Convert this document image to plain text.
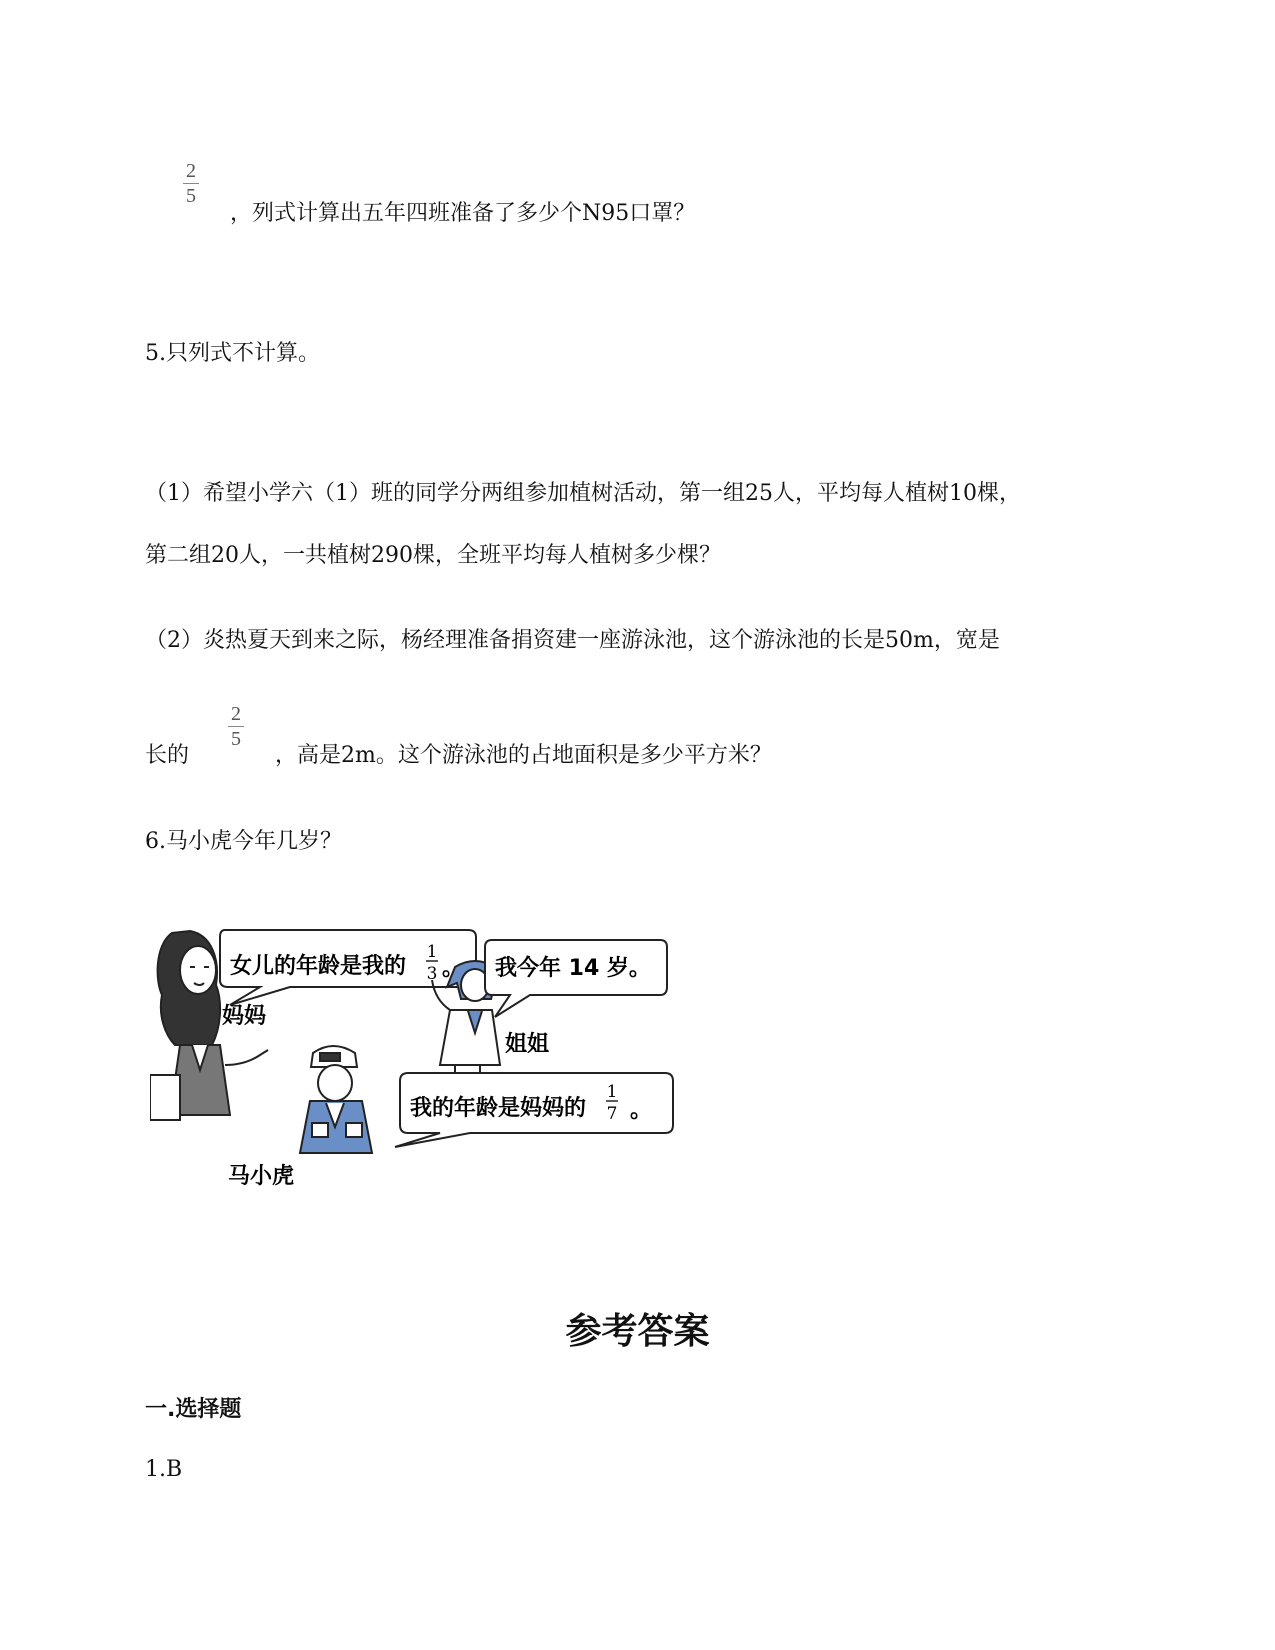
2
5
，列式计算出五年四班准备了多少个N95口罩？
5.只列式不计算。
（1）希望小学六（1）班的同学分两组参加植树活动，第一组25人，平均每人植树10棵，
第二组20人，一共植树290棵，全班平均每人植树多少棵？
（2）炎热夏天到来之际，杨经理准备捐资建一座游泳池，这个游泳池的长是50m，宽是
2
5
长的	，高是2m。这个游泳池的占地面积是多少平方米？
6.马小虎今年几岁？
女儿的年龄是我的
1
3 。
妈妈
我今年 14 岁。
姐姐
我的年龄是妈妈的
1
7 。
马小虎
参考答案
一.选择题
1.B
